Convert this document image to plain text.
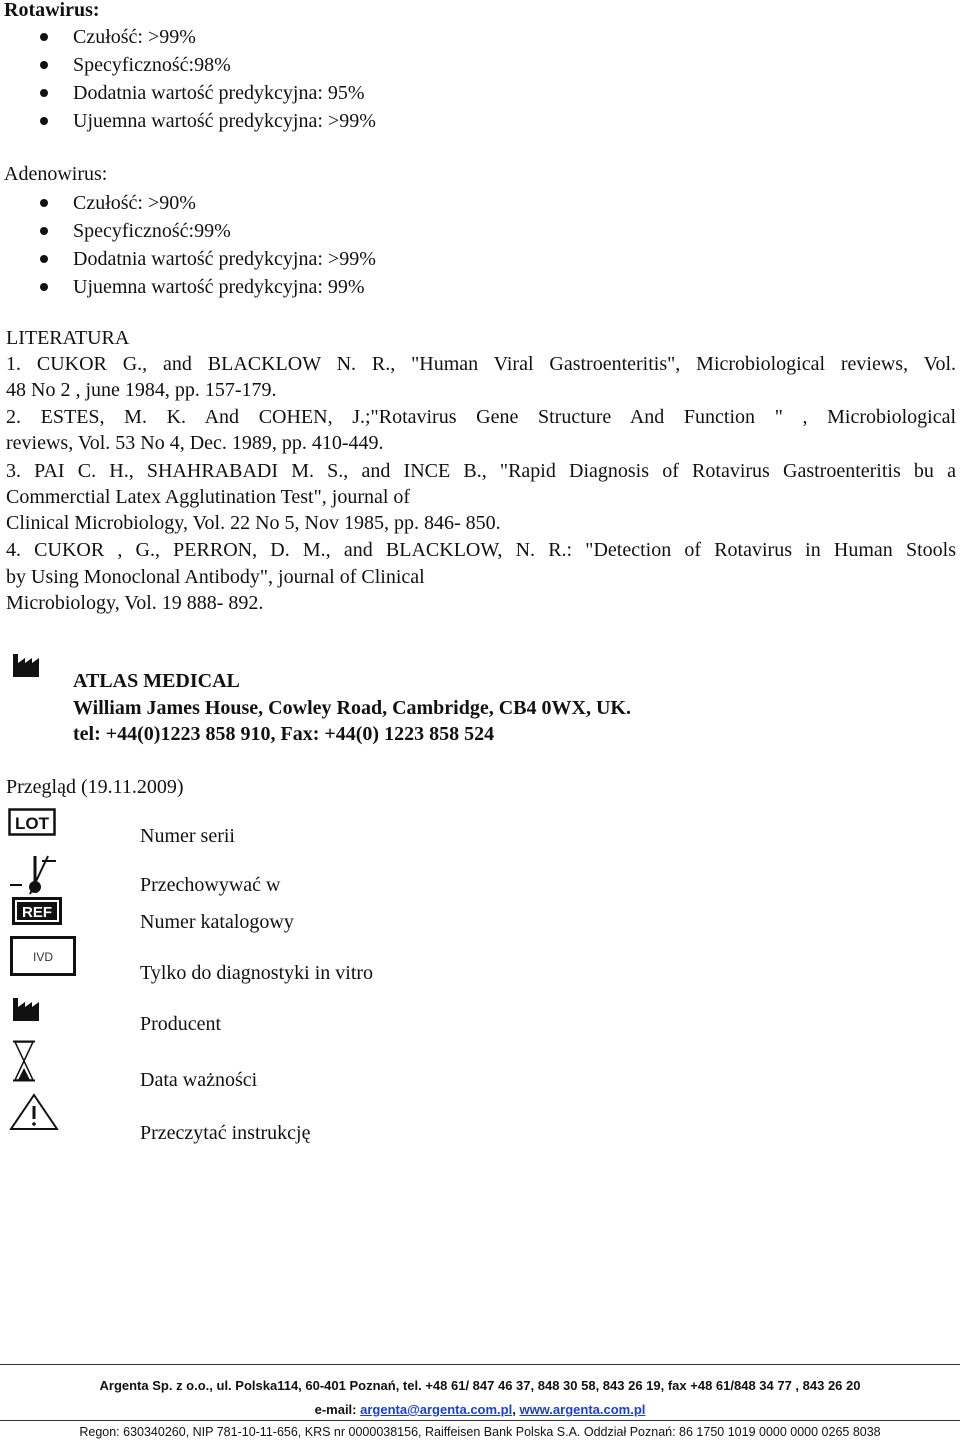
Rotawirus:
Czułość: >99%
Specyficzność:98%
Dodatnia wartość predykcyjna: 95%
Ujuemna wartość predykcyjna: >99%
Adenowirus:
Czułość: >90%
Specyficzność:99%
Dodatnia wartość predykcyjna: >99%
Ujuemna wartość predykcyjna: 99%
LITERATURA
1. CUKOR G., and BLACKLOW N. R., "Human Viral Gastroenteritis", Microbiological reviews, Vol.
48 No 2 , june 1984, pp. 157-179.
2. ESTES, M. K. And COHEN, J.;"Rotavirus Gene Structure And Function " , Microbiological
reviews, Vol. 53 No 4, Dec. 1989, pp. 410-449.
3. PAI C. H., SHAHRABADI M. S., and INCE B., "Rapid Diagnosis of Rotavirus Gastroenteritis bu a
Commerctial Latex Agglutination Test", journal of
Clinical Microbiology, Vol. 22 No 5, Nov 1985, pp. 846- 850.
4. CUKOR , G., PERRON, D. M., and BLACKLOW, N. R.: "Detection of Rotavirus in Human Stools
by Using Monoclonal Antibody", journal of Clinical
Microbiology, Vol. 19 888- 892.
ATLAS MEDICAL
William James House, Cowley Road, Cambridge, CB4 0WX, UK.
tel: +44(0)1223 858 910, Fax: +44(0) 1223 858 524
Przegląd (19.11.2009)
LOT
Numer serii
Przechowywać w
REF	Numer katalogowy
IVD
Tylko do diagnostyki in vitro
Producent
Data ważności
Przeczytać instrukcję
Argenta Sp. z o.o., ul. Polska114, 60-401 Poznań, tel. +48 61/ 847 46 37, 848 30 58, 843 26 19, fax +48 61/848 34 77 , 843 26 20
e-mail: argenta@argenta.com.pl, www.argenta.com.pl
Regon: 630340260, NIP 781-10-11-656, KRS nr 0000038156, Raiffeisen Bank Polska S.A. Oddział Poznań: 86 1750 1019 0000 0000 0265 8038
